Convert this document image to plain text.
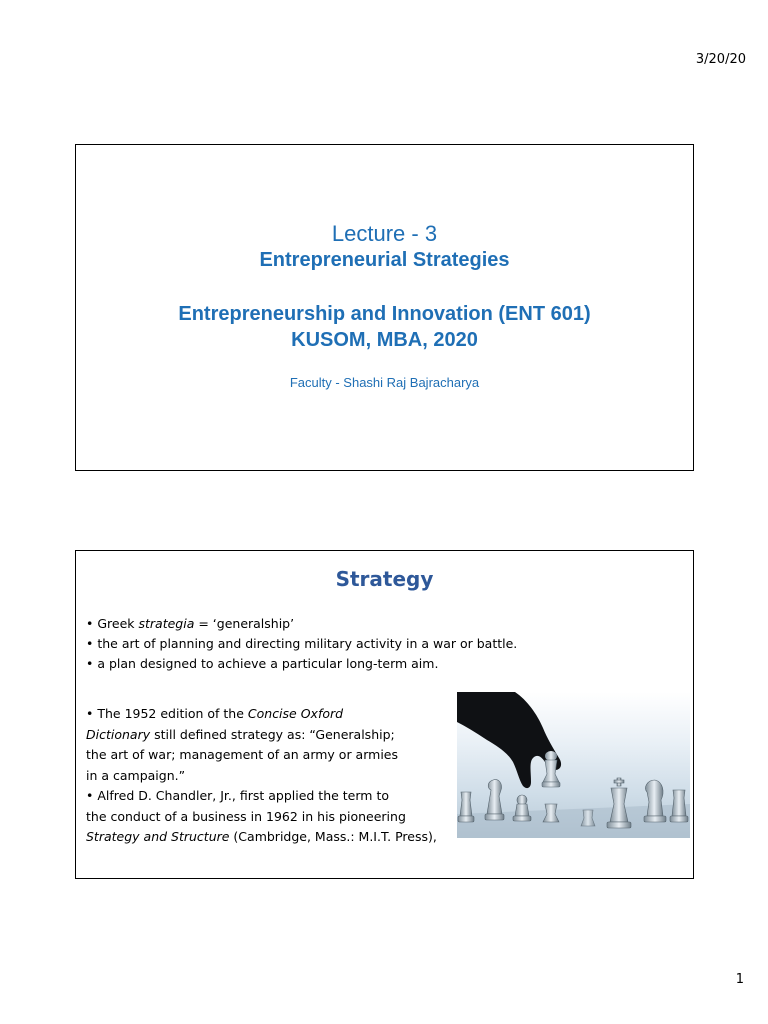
3/20/20
Lecture - 3
Entrepreneurial Strategies
Entrepreneurship and Innovation (ENT 601)
KUSOM, MBA, 2020
Faculty - Shashi Raj Bajracharya
Strategy
• Greek strategia = ‘generalship’
• the art of planning and directing military activity in a war or battle.
• a plan designed to achieve a particular long-term aim.
• The 1952 edition of the Concise Oxford
Dictionary still defined strategy as: “Generalship;
the art of war; management of an army or armies
in a campaign.”
• Alfred D. Chandler, Jr., first applied the term to
the conduct of a business in 1962 in his pioneering
Strategy and Structure (Cambridge, Mass.: M.I.T. Press),
1
